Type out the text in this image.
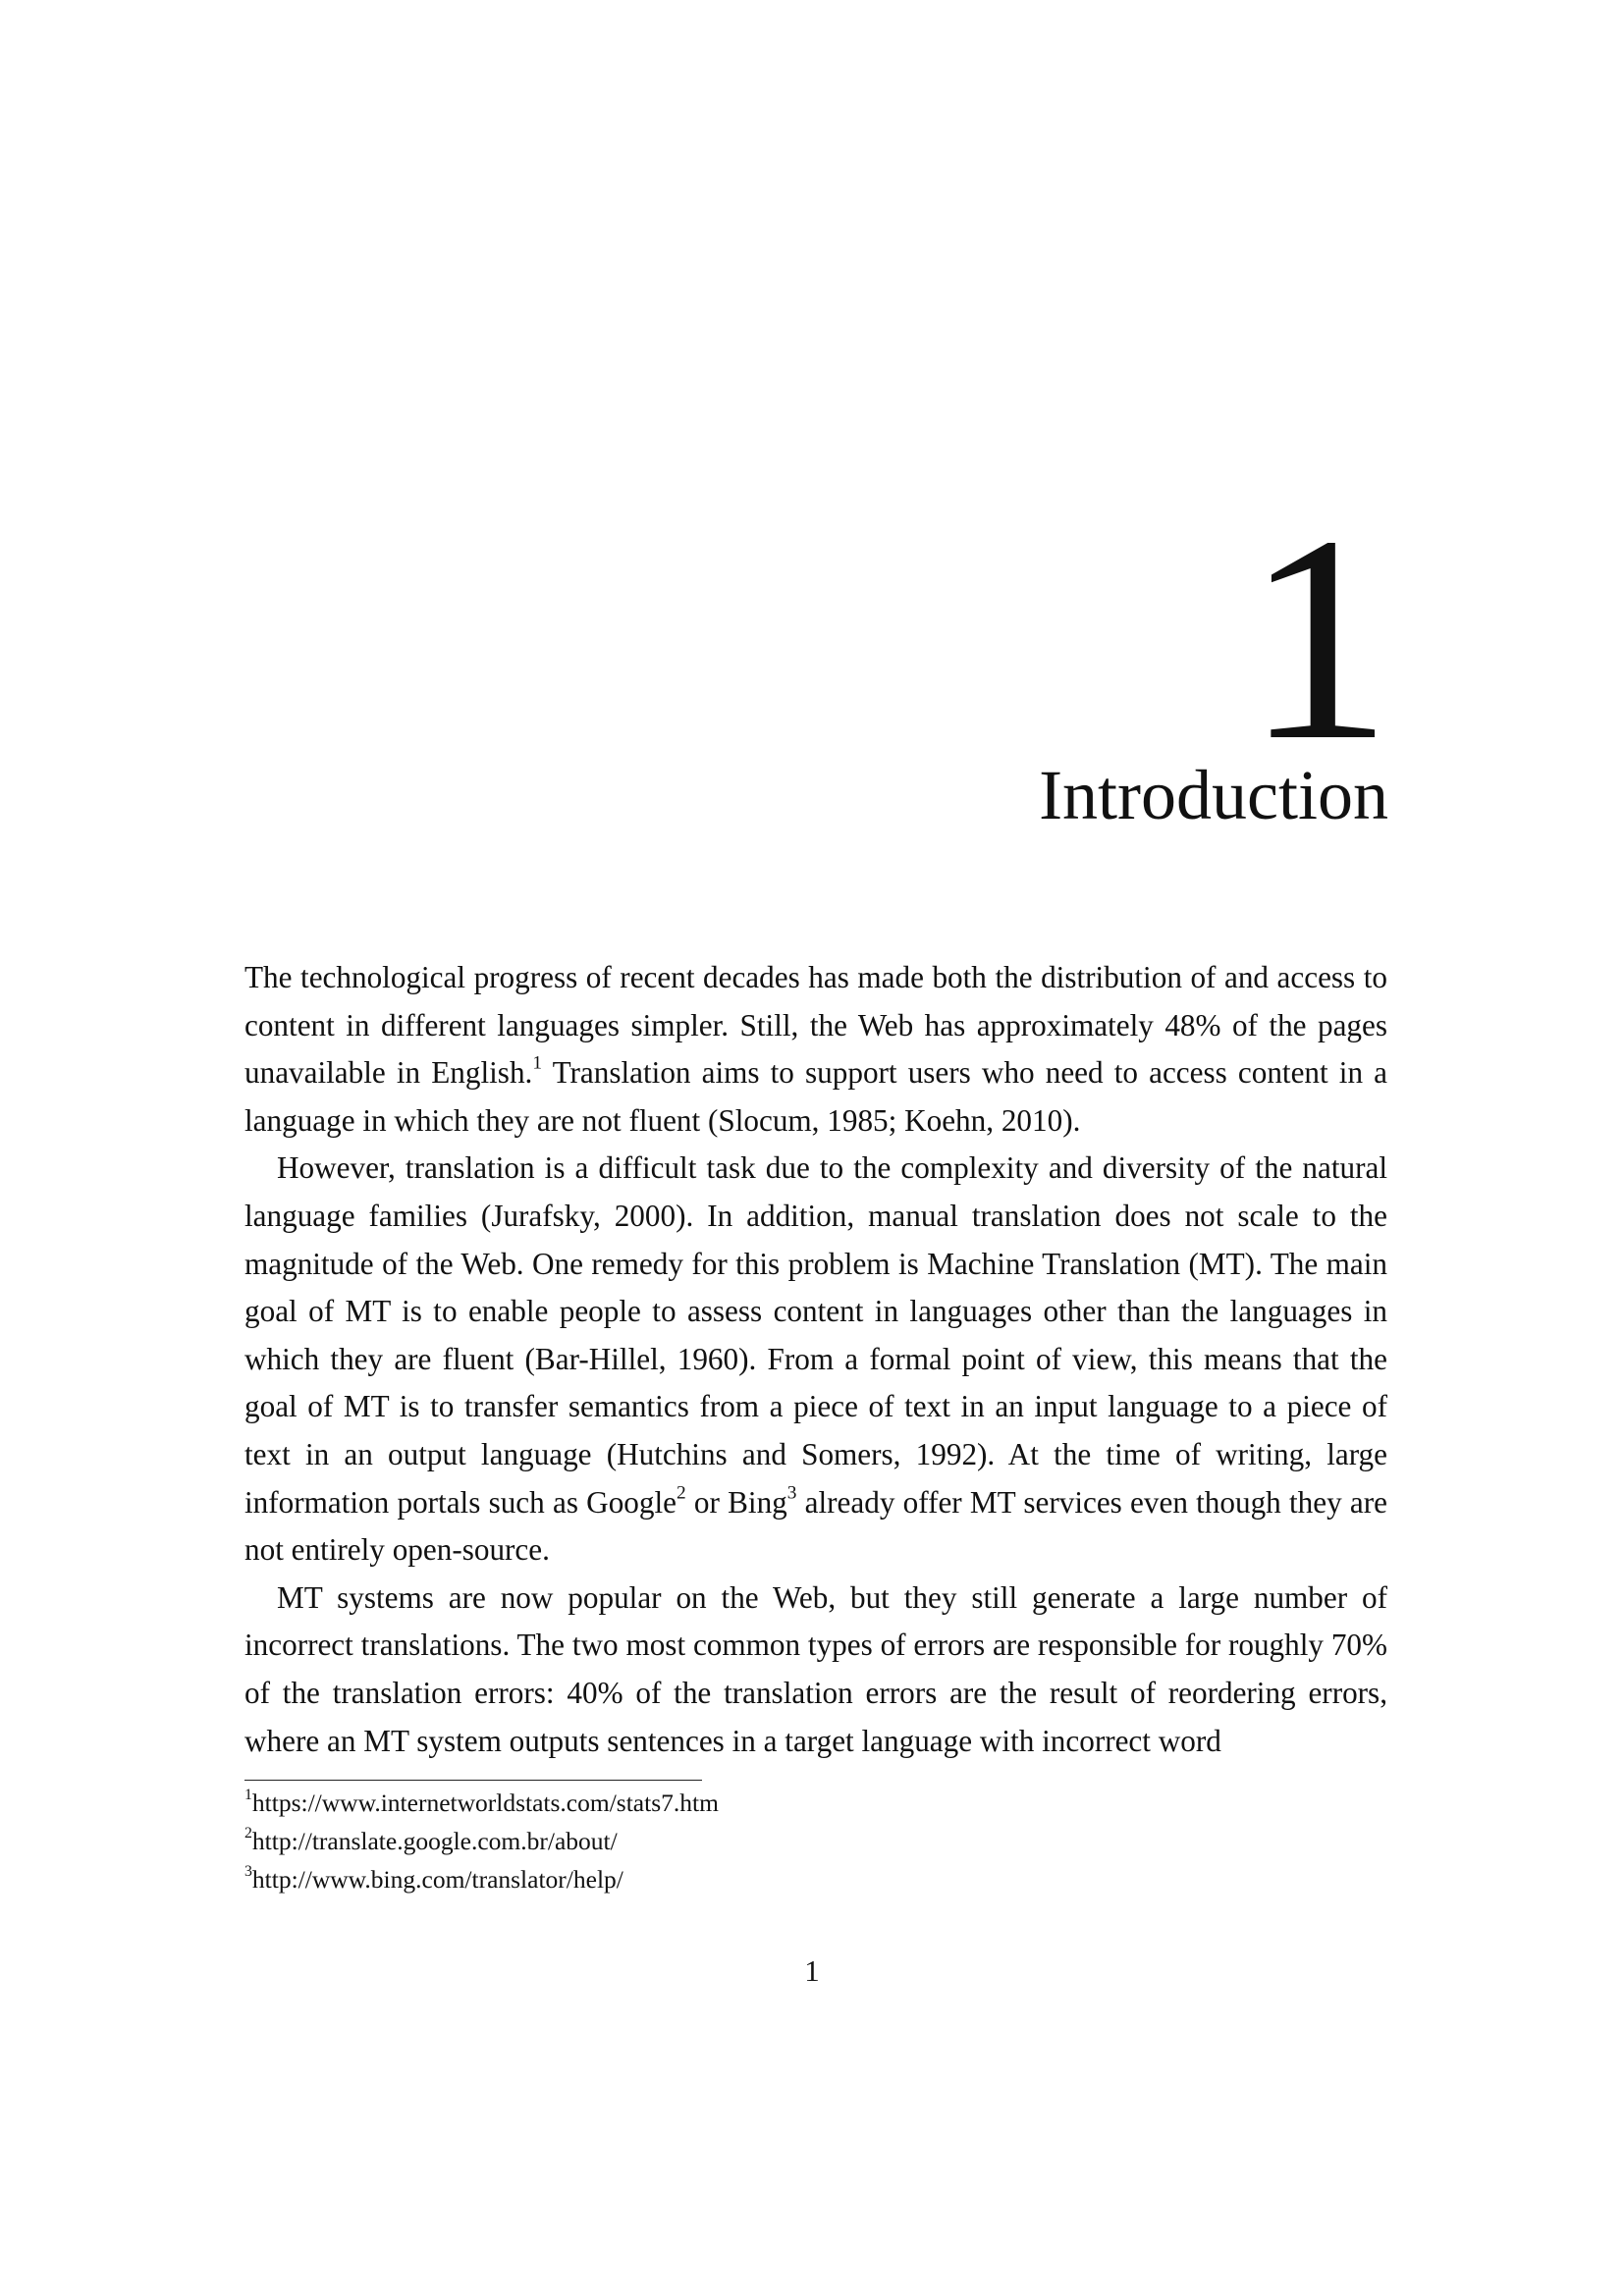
1
Introduction

The technological progress of recent decades has made both the distribution of and access to content in different languages simpler. Still, the Web has approximately 48% of the pages unavailable in English.$^1$ Translation aims to support users who need to access content in a language in which they are not fluent (Slocum, 1985; Koehn, 2010).

However, translation is a difficult task due to the complexity and diversity of the natural language families (Jurafsky, 2000). In addition, manual translation does not scale to the magnitude of the Web. One remedy for this problem is Machine Translation (MT). The main goal of MT is to enable people to assess content in languages other than the languages in which they are fluent (Bar-Hillel, 1960). From a formal point of view, this means that the goal of MT is to transfer semantics from a piece of text in an input language to a piece of text in an output language (Hutchins and Somers, 1992). At the time of writing, large information portals such as Google$^2$ or Bing$^3$ already offer MT services even though they are not entirely open-source.

MT systems are now popular on the Web, but they still generate a large number of incorrect translations. The two most common types of errors are responsible for roughly 70% of the translation errors: 40% of the translation errors are the result of reordering errors, where an MT system outputs sentences in a target language with incorrect word

$^1$https://www.internetworldstats.com/stats7.htm

$^2$http://translate.google.com.br/about/

$^3$http://www.bing.com/translator/help/

1
